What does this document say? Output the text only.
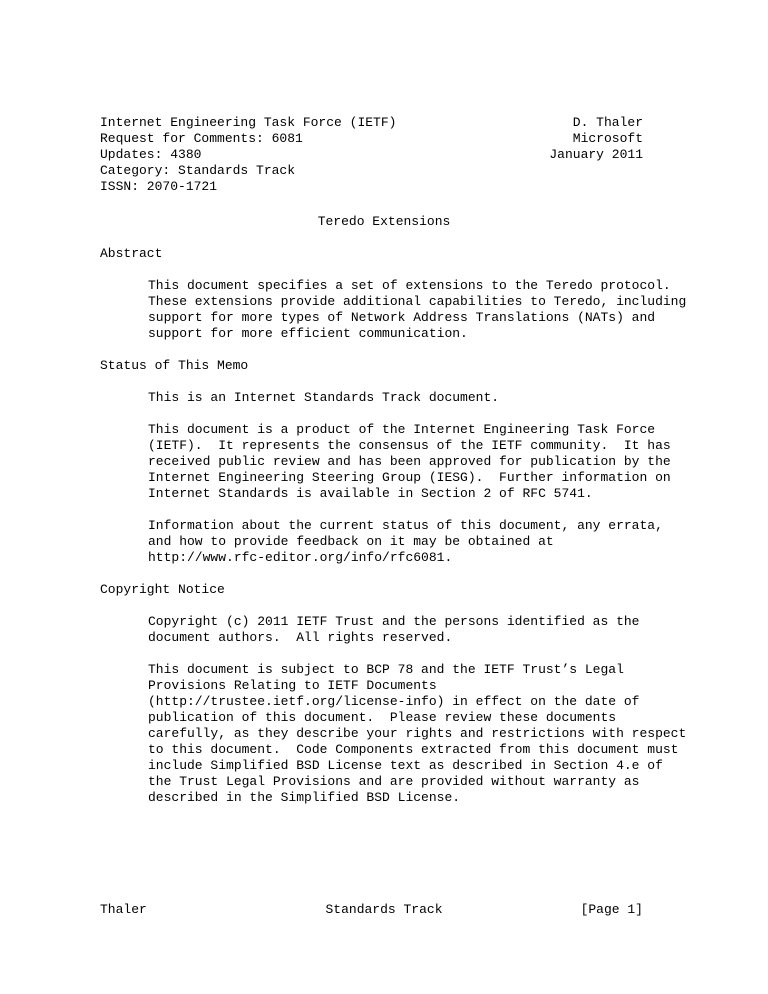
Internet Engineering Task Force (IETF)
Request for Comments: 6081
Updates: 4380
Category: Standards Track
ISSN: 2070-1721
D. Thaler
Microsoft
January 2011
Teredo Extensions
Abstract
This document specifies a set of extensions to the Teredo protocol.
These extensions provide additional capabilities to Teredo, including
support for more types of Network Address Translations (NATs) and
support for more efficient communication.
Status of This Memo
This is an Internet Standards Track document.
This document is a product of the Internet Engineering Task Force
(IETF).  It represents the consensus of the IETF community.  It has
received public review and has been approved for publication by the
Internet Engineering Steering Group (IESG).  Further information on
Internet Standards is available in Section 2 of RFC 5741.
Information about the current status of this document, any errata,
and how to provide feedback on it may be obtained at
http://www.rfc-editor.org/info/rfc6081.
Copyright Notice
Copyright (c) 2011 IETF Trust and the persons identified as the
document authors.  All rights reserved.
This document is subject to BCP 78 and the IETF Trust’s Legal
Provisions Relating to IETF Documents
(http://trustee.ietf.org/license-info) in effect on the date of
publication of this document.  Please review these documents
carefully, as they describe your rights and restrictions with respect
to this document.  Code Components extracted from this document must
include Simplified BSD License text as described in Section 4.e of
the Trust Legal Provisions and are provided without warranty as
described in the Simplified BSD License.
Thaler	Standards Track	[Page 1]
